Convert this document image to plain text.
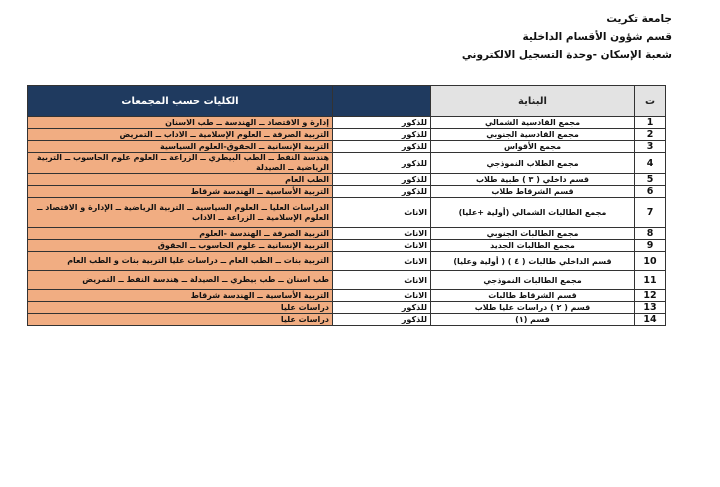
جامعة تكريت
قسم شؤون الأقسام الداخلية
شعبة الإسكان -وحدة التسجيل الالكتروني
ت	البناية		الكليات حسب المجمعات
1	مجمع القادسية الشمالي	للذكور	إدارة و الاقتصاد ــ الهندسة ــ طب الاسنان
2	مجمع القادسية الجنوبي	للذكور	التربية الصرفة ــ العلوم الإسلامية ــ الاداب ــ التمريض
3	مجمع الأقواس	للذكور	التربية الإنسانية ــ الحقوق-العلوم السياسية
4	مجمع الطلاب النموذجي	للذكور	هندسة النفط ــ الطب البيطري ــ الزراعة ــ العلوم علوم الحاسوب ــ التربية الرياضية ــ الصيدلة
5	قسم داخلي ( ٣ ) طبية طلاب	للذكور	الطب العام
6	قسم الشرقاط طلاب	للذكور	التربية الأساسية ــ الهندسة شرقاط
7	مجمع الطالبات الشمالي (أولية +عليا)	الاناث	الدراسات العليا ــ العلوم السياسية ــ التربية الرياضية ــ الإدارة و الاقتصاد ــ العلوم الإسلامية ــ الزراعة ــ الاداب
8	مجمع الطالبات الجنوبي	الاناث	التربية الصرفة ــ الهندسة -العلوم
9	مجمع الطالبات الجديد	الاناث	التربية الإنسانية ــ علوم الحاسوب ــ الحقوق
10	قسم الداخلي طالبات ( ٤ ) ( أولية وعليا)	الاناث	التربية بنات ــ الطب العام ــ دراسات عليا التربية بنات و الطب العام
11	مجمع الطالبات النموذجي	الاناث	طب اسنان ــ طب بيطري ــ الصيدلة ــ هندسة النفط ــ التمريض
12	قسم الشرقاط طالبات	الاناث	التربية الأساسية ــ الهندسة شرقاط
13	قسم ( ٢ ) دراسات عليا طلاب	للذكور	دراسات عليا
14	قسم (١)	للذكور	دراسات عليا
